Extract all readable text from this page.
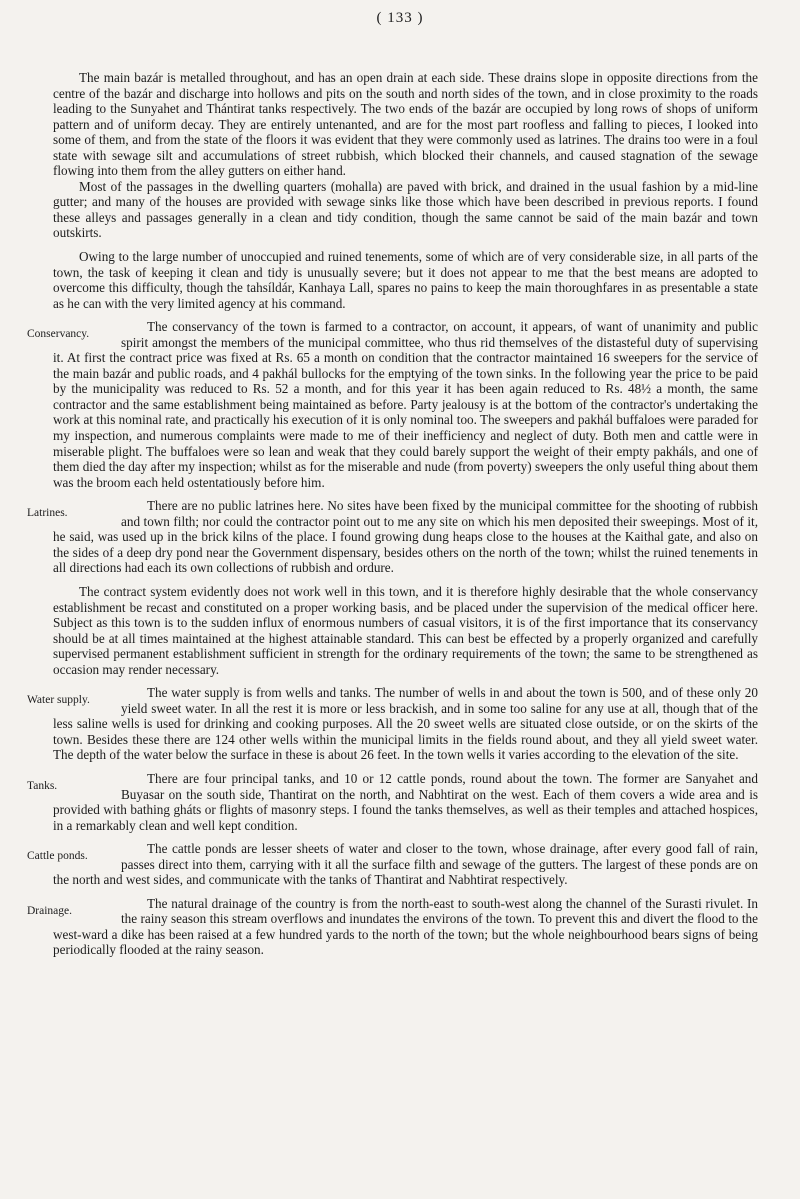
( 133 )

The main bazár is metalled throughout, and has an open drain at each side. These drains slope in opposite directions from the centre of the bazár and discharge into hollows and pits on the south and north sides of the town, and in close proximity to the roads leading to the Sunyahet and Thántirat tanks respectively. The two ends of the bazár are occupied by long rows of shops of uniform pattern and of uniform decay. They are entirely untenanted, and are for the most part roofless and falling to pieces, I looked into some of them, and from the state of the floors it was evident that they were commonly used as latrines. The drains too were in a foul state with sewage silt and accumulations of street rubbish, which blocked their channels, and caused stagnation of the sewage flowing into them from the alley gutters on either hand.

Most of the passages in the dwelling quarters (mohalla) are paved with brick, and drained in the usual fashion by a mid-line gutter; and many of the houses are provided with sewage sinks like those which have been described in previous reports. I found these alleys and passages generally in a clean and tidy condition, though the same cannot be said of the main bazár and town outskirts.

Owing to the large number of unoccupied and ruined tenements, some of which are of very considerable size, in all parts of the town, the task of keeping it clean and tidy is unusually severe; but it does not appear to me that the best means are adopted to overcome this difficulty, though the tahsíldár, Kanhaya Lall, spares no pains to keep the main thoroughfares in as presentable a state as he can with the very limited agency at his command.

Conservancy.	The conservancy of the town is farmed to a contractor, on account, it appears, of want of unanimity and public spirit amongst the members of the municipal committee, who thus rid themselves of the distasteful duty of supervising it. At first the contract price was fixed at Rs. 65 a month on condition that the contractor maintained 16 sweepers for the service of the main bazár and public roads, and 4 pakhál bullocks for the emptying of the town sinks. In the following year the price to be paid by the municipality was reduced to Rs. 52 a month, and for this year it has been again reduced to Rs. 48½ a month, the same contractor and the same establishment being maintained as before. Party jealousy is at the bottom of the contractor's undertaking the work at this nominal rate, and practically his execution of it is only nominal too. The sweepers and pakhál buffaloes were paraded for my inspection, and numerous complaints were made to me of their inefficiency and neglect of duty. Both men and cattle were in miserable plight. The buffaloes were so lean and weak that they could barely support the weight of their empty pakháls, and one of them died the day after my inspection; whilst as for the miserable and nude (from poverty) sweepers the only useful thing about them was the broom each held ostentatiously before him.

Latrines.	There are no public latrines here. No sites have been fixed by the municipal committee for the shooting of rubbish and town filth; nor could the contractor point out to me any site on which his men deposited their sweepings. Most of it, he said, was used up in the brick kilns of the place. I found growing dung heaps close to the houses at the Kaithal gate, and also on the sides of a deep dry pond near the Government dispensary, besides others on the north of the town; whilst the ruined tenements in all directions had each its own collections of rubbish and ordure.

The contract system evidently does not work well in this town, and it is therefore highly desirable that the whole conservancy establishment be recast and constituted on a proper working basis, and be placed under the supervision of the medical officer here. Subject as this town is to the sudden influx of enormous numbers of casual visitors, it is of the first importance that its conservancy should be at all times maintained at the highest attainable standard. This can best be effected by a properly organized and carefully supervised permanent establishment sufficient in strength for the ordinary requirements of the town; the same to be strengthened as occasion may render necessary.

Water supply.	The water supply is from wells and tanks. The number of wells in and about the town is 500, and of these only 20 yield sweet water. In all the rest it is more or less brackish, and in some too saline for any use at all, though that of the less saline wells is used for drinking and cooking purposes. All the 20 sweet wells are situated close outside, or on the skirts of the town. Besides these there are 124 other wells within the municipal limits in the fields round about, and they all yield sweet water. The depth of the water below the surface in these is about 26 feet. In the town wells it varies according to the elevation of the site.

Tanks.	There are four principal tanks, and 10 or 12 cattle ponds, round about the town. The former are Sanyahet and Buyasar on the south side, Thantirat on the north, and Nabhtirat on the west. Each of them covers a wide area and is provided with bathing gháts or flights of masonry steps. I found the tanks themselves, as well as their temples and attached hospices, in a remarkably clean and well kept condition.

Cattle ponds.	The cattle ponds are lesser sheets of water and closer to the town, whose drainage, after every good fall of rain, passes direct into them, carrying with it all the surface filth and sewage of the gutters. The largest of these ponds are on the north and west sides, and communicate with the tanks of Thantirat and Nabhtirat respectively.

Drainage.	The natural drainage of the country is from the north-east to south-west along the channel of the Surasti rivulet. In the rainy season this stream overflows and inundates the environs of the town. To prevent this and divert the flood to the west-ward a dike has been raised at a few hundred yards to the north of the town; but the whole neighbourhood bears signs of being periodically flooded at the rainy season.
